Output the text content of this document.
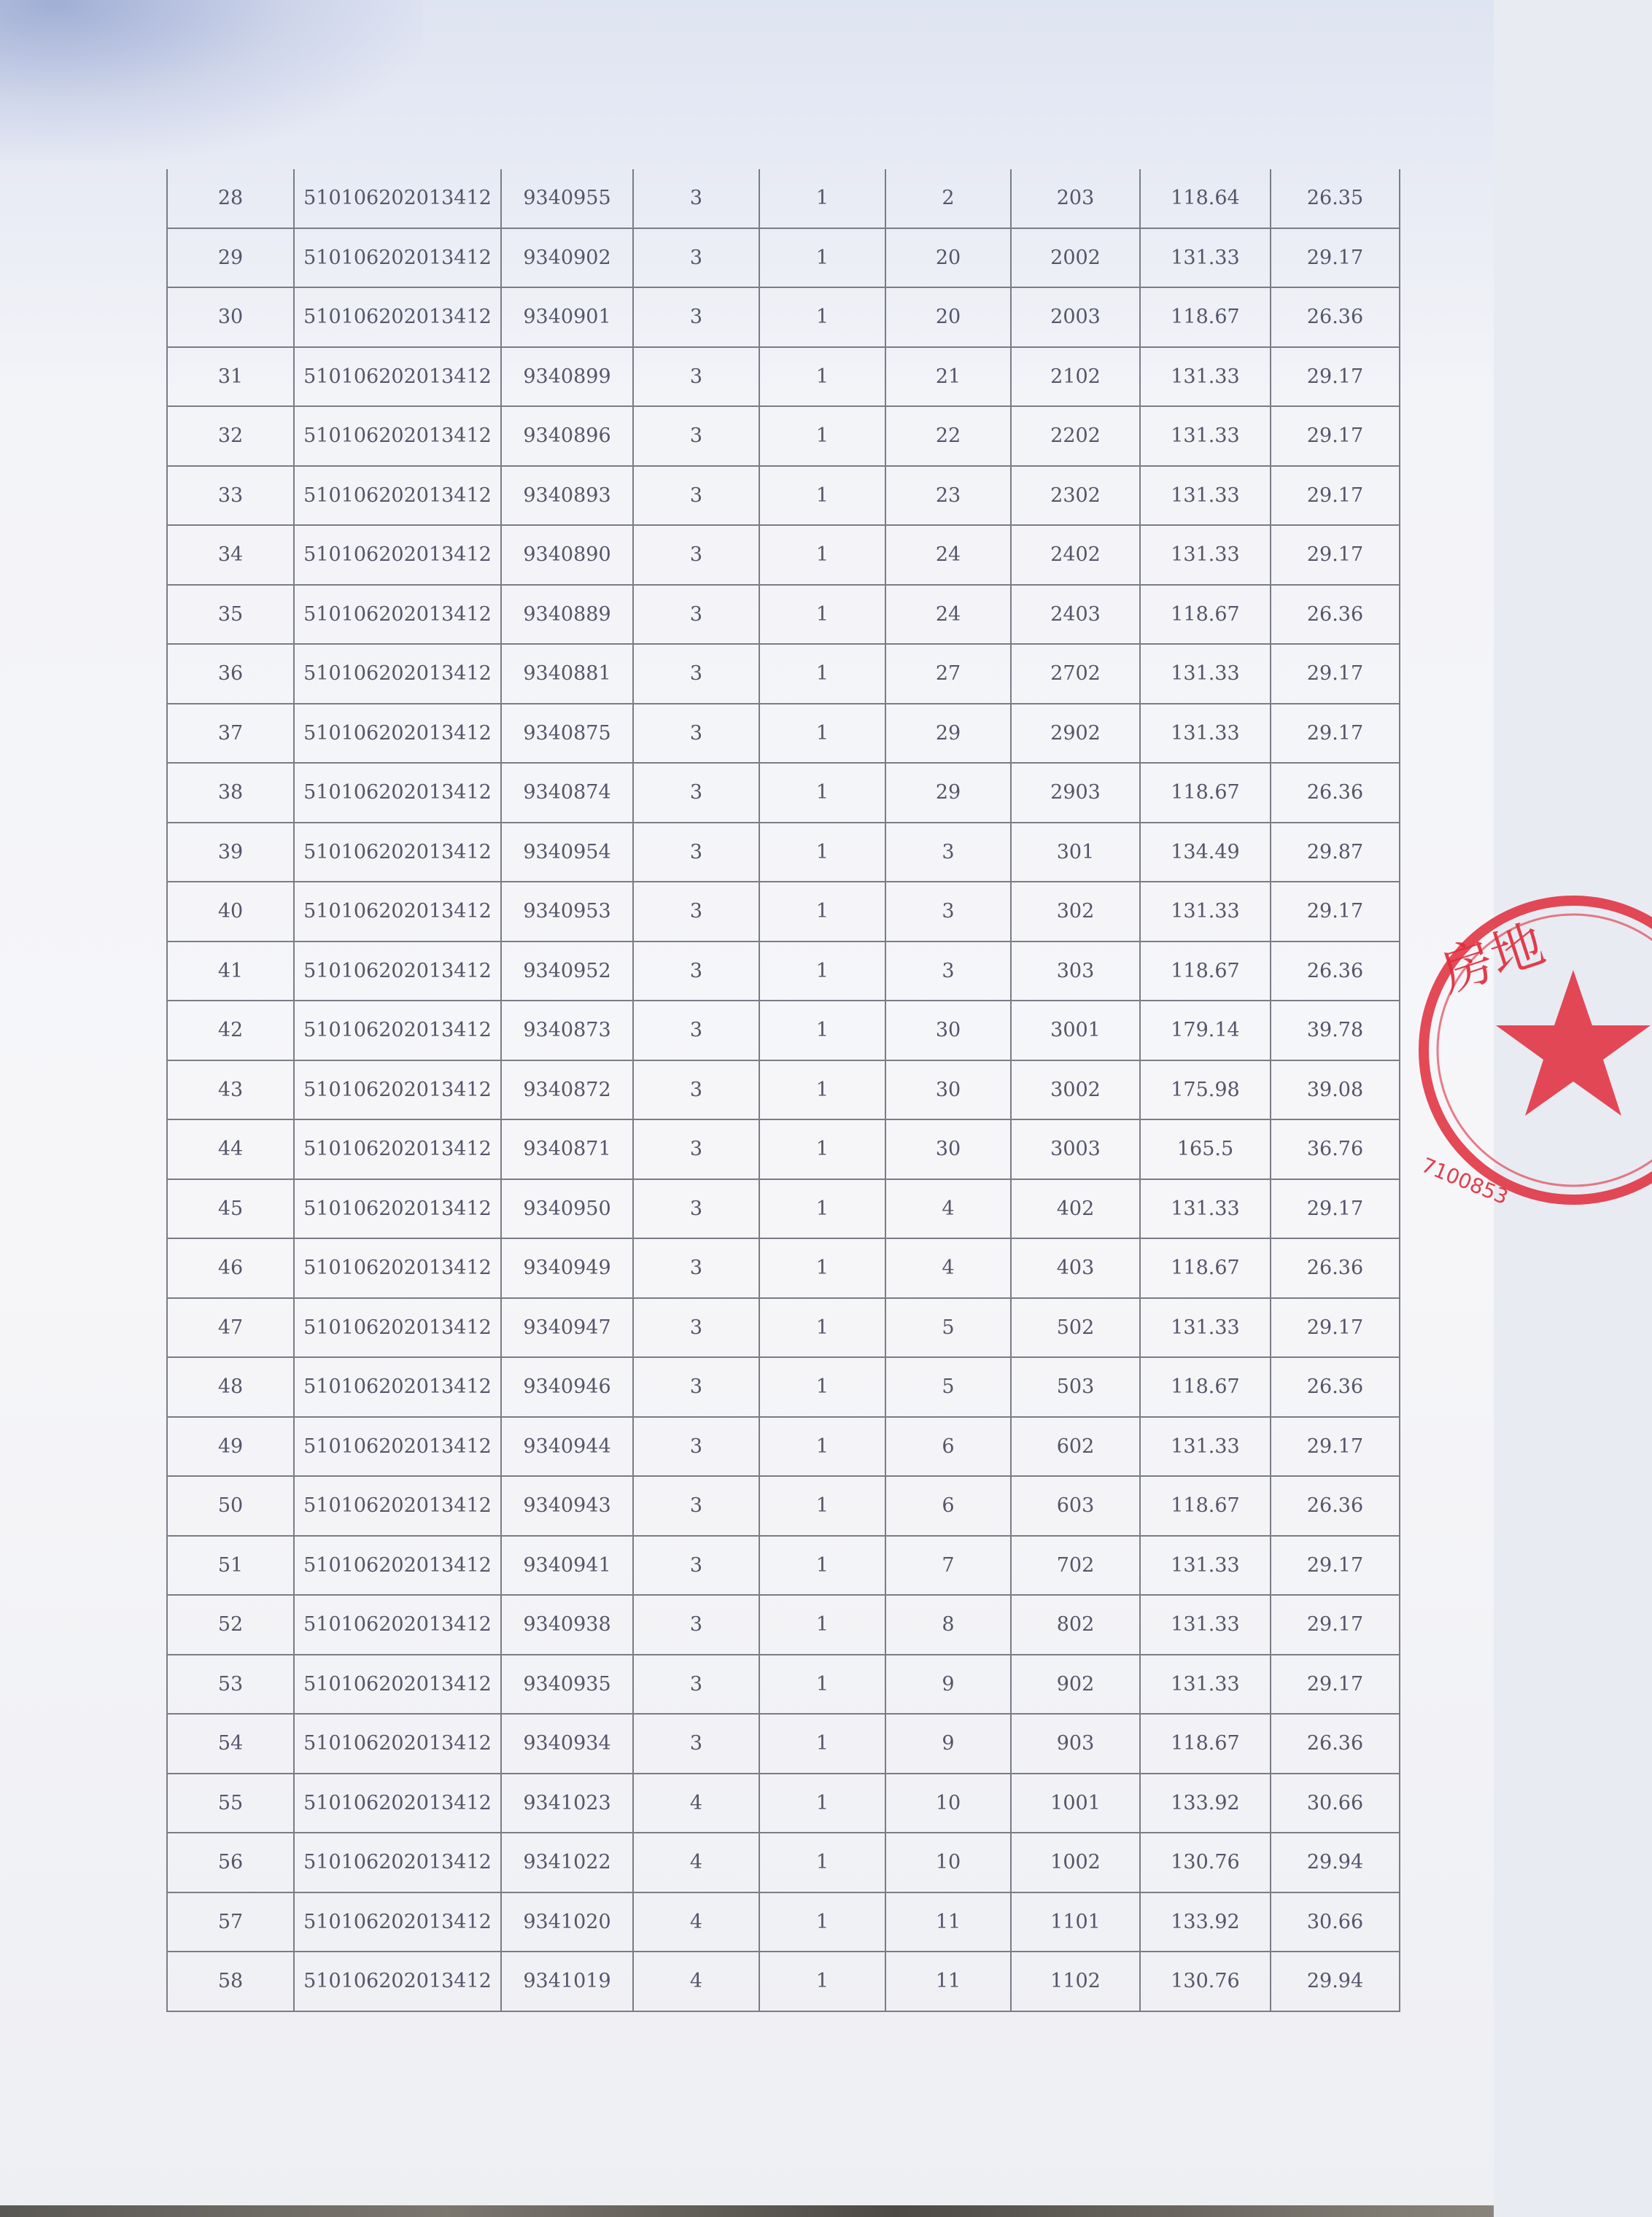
28	510106202013412	9340955	3	1	2	203	118.64	26.35
29	510106202013412	9340902	3	1	20	2002	131.33	29.17
30	510106202013412	9340901	3	1	20	2003	118.67	26.36
31	510106202013412	9340899	3	1	21	2102	131.33	29.17
32	510106202013412	9340896	3	1	22	2202	131.33	29.17
33	510106202013412	9340893	3	1	23	2302	131.33	29.17
34	510106202013412	9340890	3	1	24	2402	131.33	29.17
35	510106202013412	9340889	3	1	24	2403	118.67	26.36
36	510106202013412	9340881	3	1	27	2702	131.33	29.17
37	510106202013412	9340875	3	1	29	2902	131.33	29.17
38	510106202013412	9340874	3	1	29	2903	118.67	26.36
39	510106202013412	9340954	3	1	3	301	134.49	29.87
40	510106202013412	9340953	3	1	3	302	131.33	29.17
41	510106202013412	9340952	3	1	3	303	118.67	26.36
42	510106202013412	9340873	3	1	30	3001	179.14	39.78
43	510106202013412	9340872	3	1	30	3002	175.98	39.08
44	510106202013412	9340871	3	1	30	3003	165.5	36.76
45	510106202013412	9340950	3	1	4	402	131.33	29.17
46	510106202013412	9340949	3	1	4	403	118.67	26.36
47	510106202013412	9340947	3	1	5	502	131.33	29.17
48	510106202013412	9340946	3	1	5	503	118.67	26.36
49	510106202013412	9340944	3	1	6	602	131.33	29.17
50	510106202013412	9340943	3	1	6	603	118.67	26.36
51	510106202013412	9340941	3	1	7	702	131.33	29.17
52	510106202013412	9340938	3	1	8	802	131.33	29.17
53	510106202013412	9340935	3	1	9	902	131.33	29.17
54	510106202013412	9340934	3	1	9	903	118.67	26.36
55	510106202013412	9341023	4	1	10	1001	133.92	30.66
56	510106202013412	9341022	4	1	10	1002	130.76	29.94
57	510106202013412	9341020	4	1	11	1101	133.92	30.66
58	510106202013412	9341019	4	1	11	1102	130.76	29.94
房地
7100853
